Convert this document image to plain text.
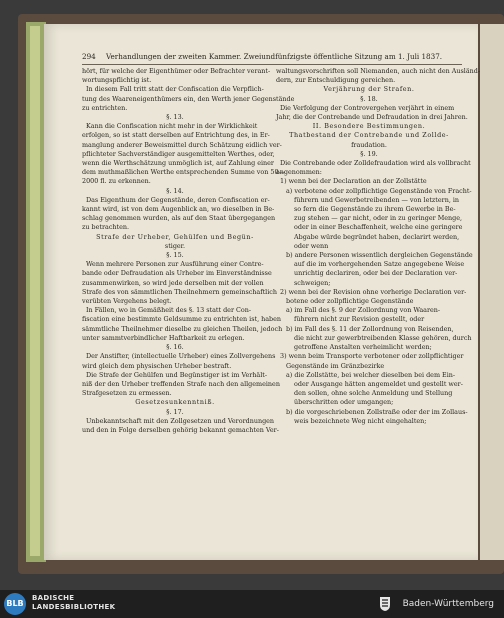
294 Verhandlungen der zweiten Kammer. Zweiundfünfzigste öffentliche Sitzung am 1. Juli 1837.
hört, für welche der Eigenthümer oder Befrachter verant-
wortungspflichtig ist.
In diesem Fall tritt statt der Confiscation die Verpflich-
tung des Waareneigenthümers ein, den Werth jener Gegenstände
zu entrichten.
§. 13.
Kann die Confiscation nicht mehr in der Wirklichkeit
erfolgen, so ist statt derselben auf Entrichtung des, in Er-
manglung anderer Beweismittel durch Schätzung eidlich ver-
pflichteter Sachverständiger ausgemittelten Werthes, oder,
wenn die Werthschätzung unmöglich ist, auf Zahlung einer
dem muthmaßlichen Werthe entsprechenden Summe von 50—
2000 fl. zu erkennen.
§. 14.
Das Eigenthum der Gegenstände, deren Confiscation er-
kannt wird, ist von dem Augenblick an, wo dieselben in Be-
schlag genommen wurden, als auf den Staat übergegangen
zu betrachten.
Strafe der Urheber, Gehülfen und Begün-
stiger.
§. 15.
Wenn mehrere Personen zur Ausführung einer Contre-
bande oder Defraudation als Urheber im Einverständnisse
zusammenwirken, so wird jede derselben mit der vollen
Strafe des von sämmtlichen Theilnehmern gemeinschaftlich
verübten Vergehens belegt.
In Fällen, wo in Gemäßheit des §. 13 statt der Con-
fiscation eine bestimmte Geldsumme zu entrichten ist, haben
sämmtliche Theilnehmer dieselbe zu gleichen Theilen, jedoch
unter sammtverbindlicher Haftbarkeit zu erlegen.
§. 16.
Der Anstifter, (intellectuelle Urheber) eines Zollvergehens
wird gleich dem physischen Urheber bestraft.
Die Strafe der Gehülfen und Begünstiger ist im Verhält-
niß der den Urheber treffenden Strafe nach den allgemeinen
Strafgesetzen zu ermessen.
Gesetzesunkenntniß.
§. 17.
Unbekanntschaft mit den Zollgesetzen und Verordnungen
und den in Folge derselben gehörig bekannt gemachten Ver-
waltungsvorschriften soll Niemanden, auch nicht den Ausländ-
dern, zur Entschuldigung gereichen.
Verjährung der Strafen.
§. 18.
Die Verfolgung der Controvergehen verjährt in einem
Jahr, die der Contrebande und Defraudation in drei Jahren.
II. Besondere Bestimmungen.
Thatbestand der Contrebande und Zollde-
fraudation.
§. 19.
Die Contrebande oder Zolldefraudation wird als vollbracht
angenommen:
1) wenn bei der Declaration an der Zollstätte
a) verbotene oder zollpflichtige Gegenstände von Fracht-
führern und Gewerbetreibenden — von letztern, in
so fern die Gegenstände zu ihrem Gewerbe in Be-
zug stehen — gar nicht, oder in zu geringer Menge,
oder in einer Beschaffenheit, welche eine geringere
Abgabe würde begründet haben, declarirt werden,
oder wenn
b) andere Personen wissentlich dergleichen Gegenstände
auf die im vorhergehenden Satze angegebene Weise
unrichtig declariren, oder bei der Declaration ver-
schweigen;
2) wenn bei der Revision ohne vorherige Declaration ver-
botene oder zollpflichtige Gegenstände
a) im Fall des §. 9 der Zollordnung von Waaren-
führern nicht zur Revision gestellt, oder
b) im Fall des §. 11 der Zollordnung von Reisenden,
die nicht zur gewerbtreibenden Klasse gehören, durch
getroffene Anstalten verheimlicht werden;
3) wenn beim Transporte verbotener oder zollpflichtiger
Gegenstände im Gränzbezirke
a) die Zollstätte, bei welcher dieselben bei dem Ein-
oder Ausgange hätten angemeldet und gestellt wer-
den sollen, ohne solche Anmeldung und Stellung
überschritten oder umgangen;
b) die vorgeschriebenen Zollstraße oder der im Zollaus-
weis bezeichnete Weg nicht eingehalten;
BLB
BADISCHE
LANDESBIBLIOTHEK	Baden-Württemberg
